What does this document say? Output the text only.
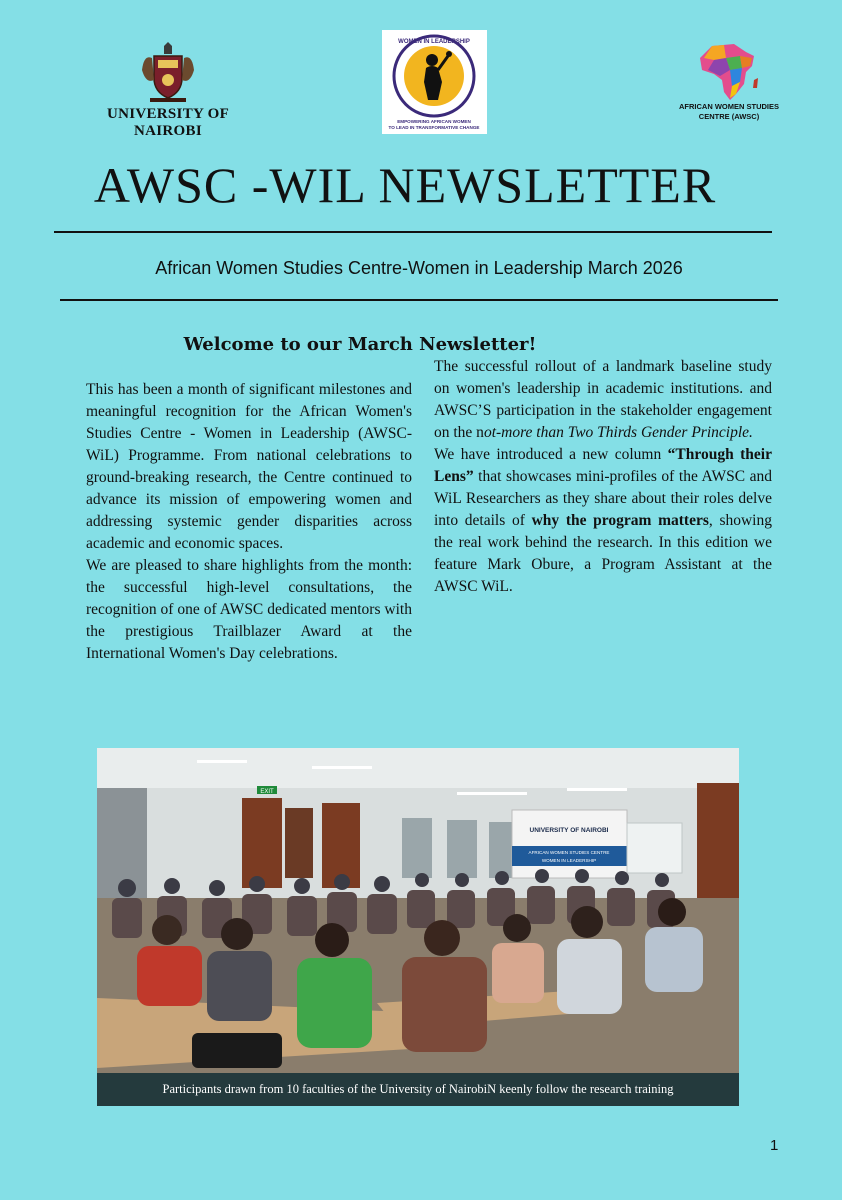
UNIVERSITY OF NAIROBI
WOMEN IN LEADERSHIP
EMPOWERING AFRICAN WOMEN
TO LEAD IN TRANSFORMATIVE CHANGE
AFRICAN WOMEN STUDIES
CENTRE (AWSC)
AWSC -WIL NEWSLETTER
African Women Studies Centre-Women in Leadership March 2026
Welcome to our March Newsletter!

This has been a month of significant milestones and meaningful recognition for the African Women's Studies Centre - Women in Leadership (AWSC-WiL) Programme. From national celebrations to ground-breaking research, the Centre continued to advance its mission of empowering women and addressing systemic gender disparities across academic and economic spaces.

We are pleased to share highlights from the month: the successful high-level consultations, the recognition of one of AWSC dedicated mentors with the prestigious Trailblazer Award at the International Women's Day celebrations.

The successful rollout of a landmark baseline study on women's leadership in academic institutions. and AWSC’S participation in the stakeholder engagement on the not-more than Two Thirds Gender Principle.

We have introduced a new column “Through their Lens” that showcases mini-profiles of the AWSC and WiL Researchers as they share about their roles delve into details of why the program matters, showing the real work behind the research. In this edition we feature Mark Obure, a Program Assistant at the AWSC WiL.

EXIT
UNIVERSITY OF NAIROBI
AFRICAN WOMEN STUDIES CENTRE
WOMEN IN LEADERSHIP
Participants drawn from 10 faculties of the University of NairobiN keenly follow the research training
1
